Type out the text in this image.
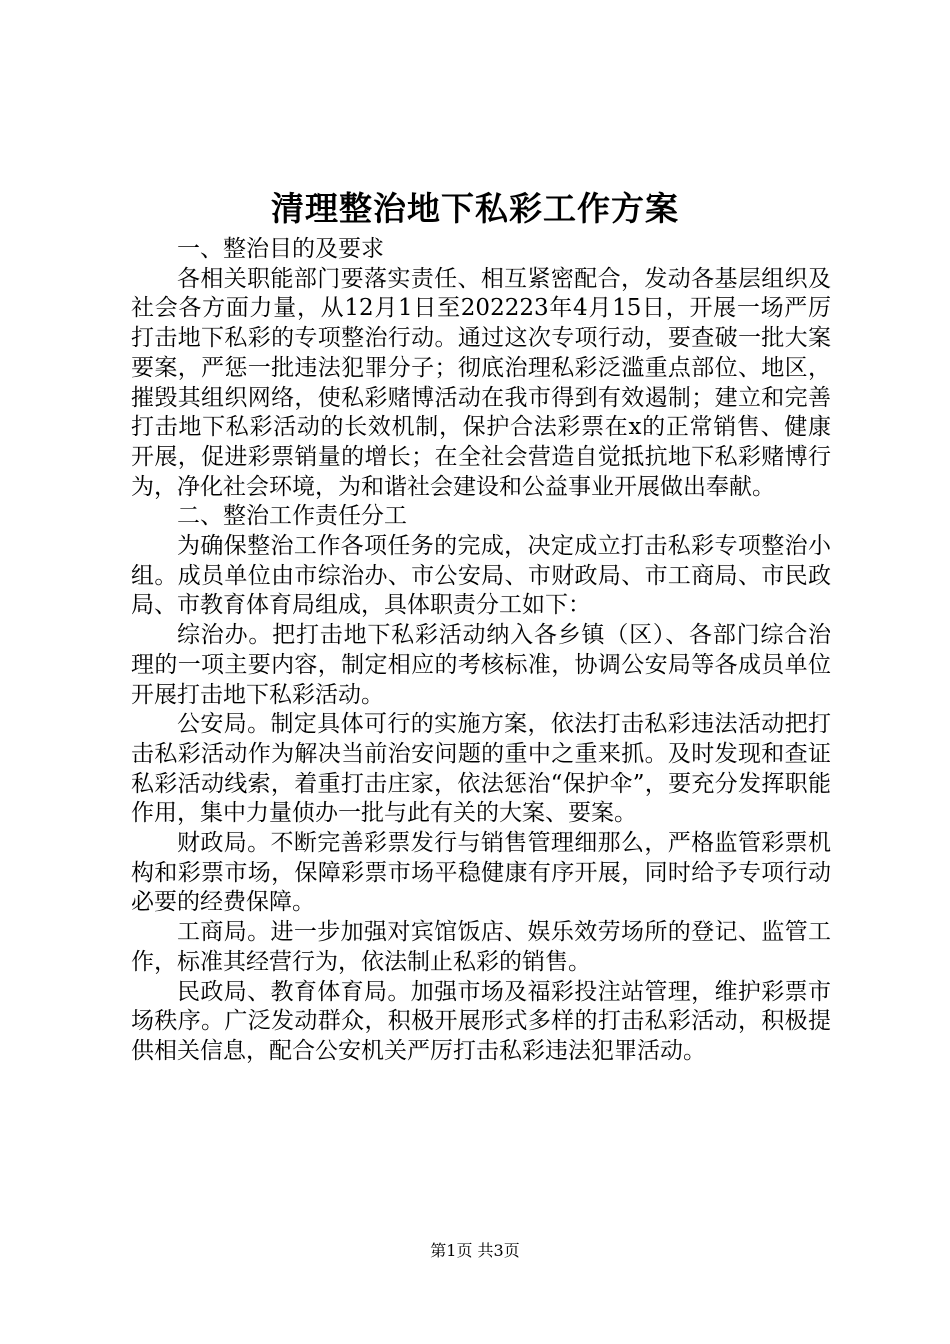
清理整治地下私彩工作方案

一、整治目的及要求

各相关职能部门要落实责任、相互紧密配合，发动各基层组织及社会各方面力量，从12月1日至202223年4月15日，开展一场严厉打击地下私彩的专项整治行动。通过这次专项行动，要查破一批大案要案，严惩一批违法犯罪分子；彻底治理私彩泛滥重点部位、地区，摧毁其组织网络，使私彩赌博活动在我市得到有效遏制；建立和完善打击地下私彩活动的长效机制，保护合法彩票在x的正常销售、健康开展，促进彩票销量的增长；在全社会营造自觉抵抗地下私彩赌博行为，净化社会环境，为和谐社会建设和公益事业开展做出奉献。

二、整治工作责任分工

为确保整治工作各项任务的完成，决定成立打击私彩专项整治小组。成员单位由市综治办、市公安局、市财政局、市工商局、市民政局、市教育体育局组成，具体职责分工如下：

综治办。把打击地下私彩活动纳入各乡镇（区）、各部门综合治理的一项主要内容，制定相应的考核标准，协调公安局等各成员单位开展打击地下私彩活动。

公安局。制定具体可行的实施方案，依法打击私彩违法活动把打击私彩活动作为解决当前治安问题的重中之重来抓。及时发现和查证私彩活动线索，着重打击庄家，依法惩治“保护伞”，要充分发挥职能作用，集中力量侦办一批与此有关的大案、要案。

财政局。不断完善彩票发行与销售管理细那么，严格监管彩票机构和彩票市场，保障彩票市场平稳健康有序开展，同时给予专项行动必要的经费保障。

工商局。进一步加强对宾馆饭店、娱乐效劳场所的登记、监管工作，标准其经营行为，依法制止私彩的销售。

民政局、教育体育局。加强市场及福彩投注站管理，维护彩票市场秩序。广泛发动群众，积极开展形式多样的打击私彩活动，积极提供相关信息，配合公安机关严厉打击私彩违法犯罪活动。

第1页 共3页
